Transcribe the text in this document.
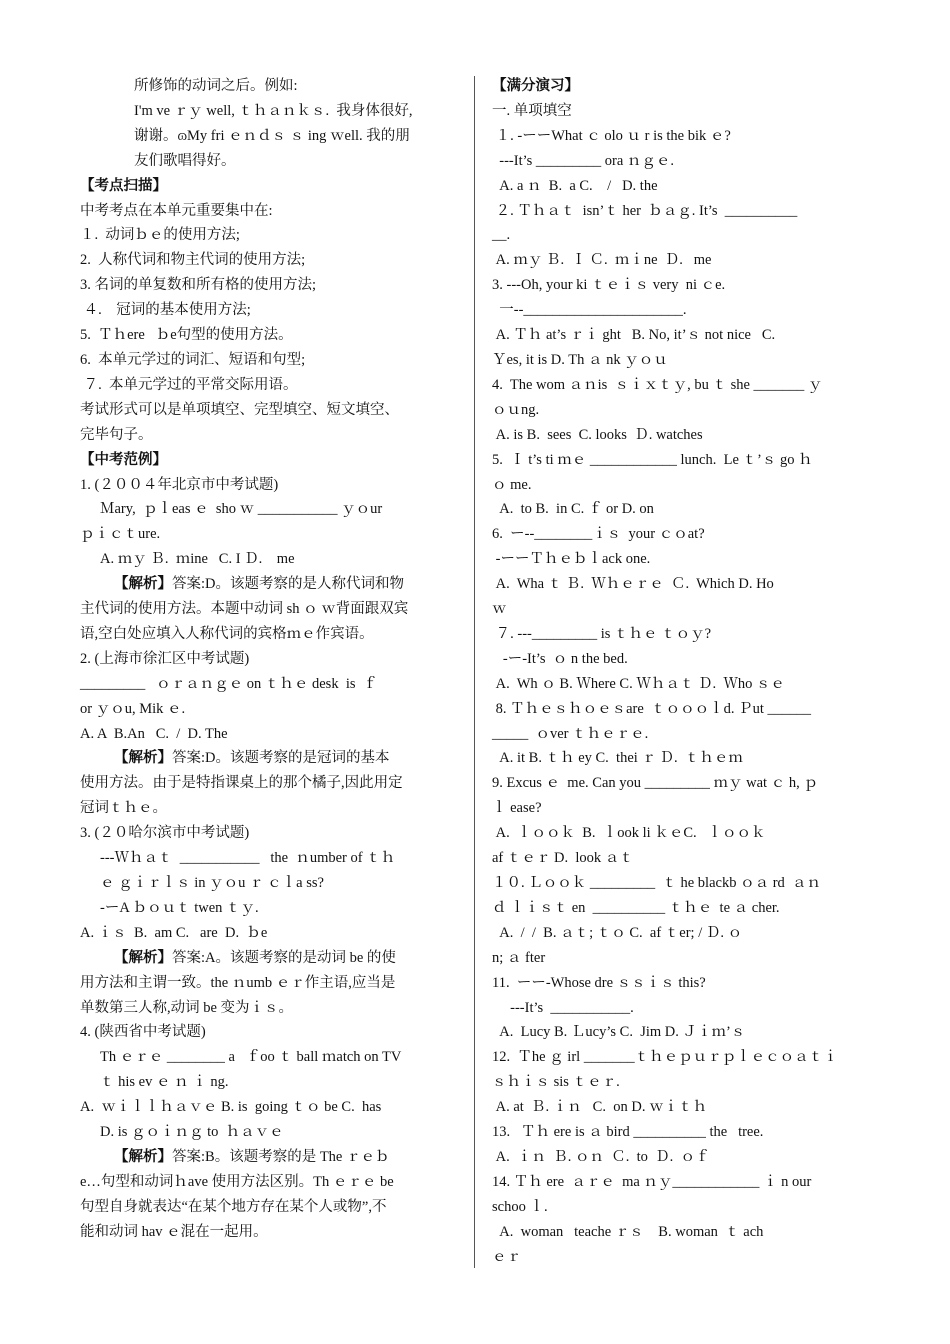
所修饰的动词之后。例如:
I'm ve ｒｙ well, ｔｈａｎｋｓ.  我身体很好,
谢谢。ɷMy fri ｅｎｄｓ ｓ ing ｗell. 我的朋
友们歌唱得好。
【考点扫描】
中考考点在本单元重要集中在:
１.  动词ｂｅ的使用方法;
2.  人称代词和物主代词的使用方法;
3. 名词的单复数和所有格的使用方法;
４.    冠词的基本使用方法;
5.  Ｔｈere   ｂe句型的使用方法。
6.  本单元学过的词汇、短语和句型;
７.  本单元学过的平常交际用语。
考试形式可以是单项填空、完型填空、短文填空、
完毕句子。
【中考范例】
1. (２００４年北京市中考试题)
Ｍary,  ｐｌeas ｅ  sho ｗ ___________ ｙｏur
ｐｉｃｔure.
A. ｍｙ Ｂ.  ｍine   C. I Ｄ.    me
【解析】答案:D。该题考察的是人称代词和物
主代词的使用方法。本题中动词 sh ｏ ｗ背面跟双宾
语,空白处应填入人称代词的宾格ｍｅ作宾语。
2. (上海市徐汇区中考试题)
_________   ｏｒａｎｇｅ on ｔｈｅ desk  is  ｆ
or ｙｏu, Mik ｅ.
A. A  B.An   C.  /  D. The
【解析】答案:D。该题考察的是冠词的基本
使用方法。由于是特指课桌上的那个橘子,因此用定
冠词ｔｈｅ。
3. (２０哈尔滨市中考试题)
---Ｗｈａｔ  ___________   the  ｎumber of ｔｈ
ｅ ｇｉｒｌｓ in ｙｏu ｒ ｃｌa ss?
-ーA ｂｏｕｔ twen ｔｙ.
A. ｉｓ  B.  am C.   are  D.  ｂe
【解析】答案:A。该题考察的是动词 be 的使
用方法和主谓一致。the ｎumb ｅｒ作主语,应当是
单数第三人称,动词 be 变为ｉｓ。
4. (陕西省中考试题)
Th ｅｒｅ ________ a   ｆoo ｔ ball ｍatch on TV
ｔ his ev ｅ ｎ ｉ ng.
A.  ｗｉｌｌｈａｖｅ B. is  going ｔｏ be C.  has
D. is ｇｏｉｎｇ to  ｈａｖｅ
【解析】答案:B。该题考察的是 The ｒｅｂ
e…句型和动词ｈave 使用方法区别。Th ｅｒｅ be
句型自身就表达“在某个地方存在某个人或物”,不
能和动词 hav ｅ混在一起用。
【满分演习】
一. 单项填空
１. -ーーWhat ｃ olo ｕ r is the bik ｅ?
---It’s _________ ora ｎｇｅ.
A. a ｎ  B.  a C.    /   D. the
２. Ｔｈａｔ  isn’ｔ her  ｂａｇ. It’s  __________
__.
A. ｍｙ Ｂ.  Ｉ Ｃ.  ｍｉne  Ｄ.   me
3. ---Oh, your ki ｔｅｉｓ very  ni ｃe.
一--______________________.
A. Ｔｈ at’s ｒｉ ght   B. No, it’ｓ not nice   C.
Ｙes, it is D. Th ａ nk ｙｏｕ
4.  The wom ａｎis  ｓｉｘｔｙ, bu ｔ she _______ ｙ
ｏｕng.
A. is B.  sees  C. looks  Ｄ. watches
5.  Ｉ t’s ti ｍｅ ____________ lunch.  Le ｔ’ｓ go ｈ
ｏ me.
A.  to B.  in C. ｆ or D. on
6.  ー--________ｉｓ  your ｃｏat?
-ーーＴｈｅｂｌack one.
A.  Wha ｔ Ｂ.  Ｗｈｅｒｅ  Ｃ.  Which D. Ho
ｗ
７. ---_________ is ｔｈｅ ｔｏｙ?
-ー-It’s  ｏ n the bed.
A.  Wh ｏ B. Ｗhere C. Ｗｈａｔ Ｄ.  Ｗho ｓｅ
8. Ｔｈｅｓｈｏｅｓare  ｔｏｏｏｌd. Ｐut ______
_____  ｏver ｔｈｅｒｅ.
A. it B. ｔｈ ey C.  thei ｒ Ｄ.  ｔｈｅｍ
9. Excus ｅ  me. Can you _________ ｍｙ wat ｃ h, ｐ
ｌ ease?
A.  ｌｏｏｋ  B.  ｌook li ｋｅC.   ｌｏｏｋ
af ｔｅｒ D.  look ａｔ
１０. Ｌｏｏｋ _________  ｔ he blackb ｏａ rd  ａｎ
ｄ ｌｉｓｔ en  __________ ｔｈｅ  te ａ cher.
A.  /  /  B. ａｔ; ｔｏ C.  af ｔer; / Ｄ. ｏ
n; ａ fter
11.  ーー-Whose dre ｓｓｉｓ this?
---It’s  ___________.
A.  Lucy B. Ｌucy’s C.  Jim D. Ｊｉｍ’ｓ
12.  Ｔhe ｇ irl _______ｔｈｅｐｕｒｐｌｅｃｏａｔｉ
ｓｈｉｓ sis ｔｅｒ.
A. at  Ｂ. ｉｎ   C.  on D. ｗｉｔｈ
13.   Ｔｈ ere is ａ bird __________ the   tree.
A.  ｉｎ  Ｂ. ｏｎ  Ｃ.  to  Ｄ.  ｏｆ
14. Ｔｈ ere  ａｒｅ  ma ｎｙ____________ ｉ n our
schoo ｌ.
A.  woman   teache ｒｓ    B. woman  ｔ ach
ｅｒ
